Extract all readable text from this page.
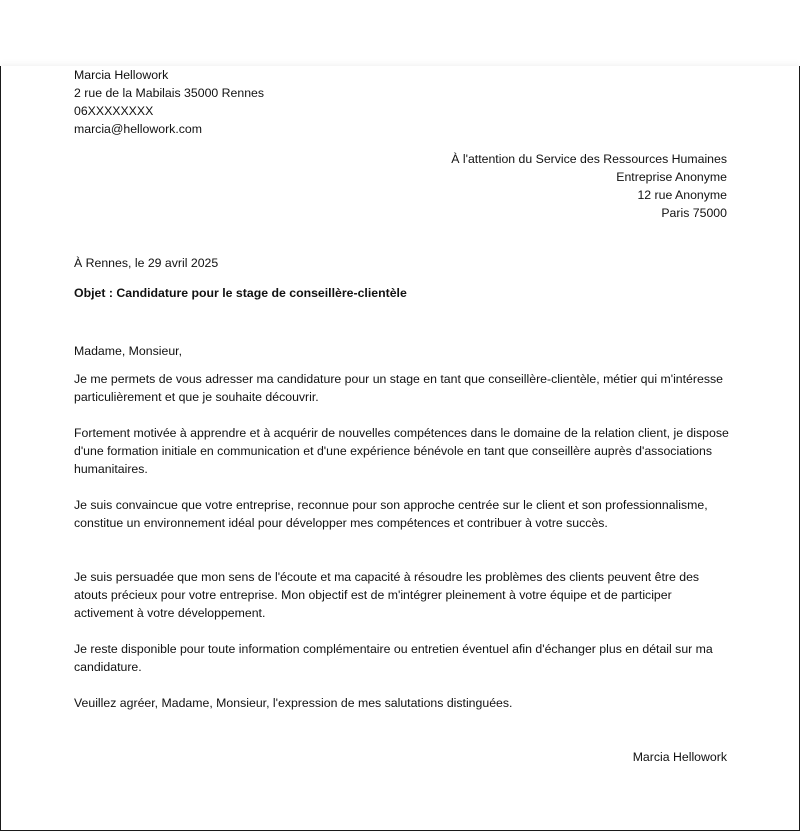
Marcia Hellowork
2 rue de la Mabilais 35000 Rennes
06XXXXXXXX
marcia@hellowork.com
À l'attention du Service des Ressources Humaines
Entreprise Anonyme
12 rue Anonyme
Paris 75000
À Rennes, le 29 avril 2025
Objet : Candidature pour le stage de conseillère-clientèle
Madame, Monsieur,

Je me permets de vous adresser ma candidature pour un stage en tant que conseillère-clientèle, métier qui m'intéresse particulièrement et que je souhaite découvrir.

Fortement motivée à apprendre et à acquérir de nouvelles compétences dans le domaine de la relation client, je dispose d'une formation initiale en communication et d'une expérience bénévole en tant que conseillère auprès d'associations humanitaires.

Je suis convaincue que votre entreprise, reconnue pour son approche centrée sur le client et son professionnalisme, constitue un environnement idéal pour développer mes compétences et contribuer à votre succès.

Je suis persuadée que mon sens de l'écoute et ma capacité à résoudre les problèmes des clients peuvent être des atouts précieux pour votre entreprise. Mon objectif est de m'intégrer pleinement à votre équipe et de participer activement à votre développement.

Je reste disponible pour toute information complémentaire ou entretien éventuel afin d'échanger plus en détail sur ma candidature.

Veuillez agréer, Madame, Monsieur, l'expression de mes salutations distinguées.

Marcia Hellowork
